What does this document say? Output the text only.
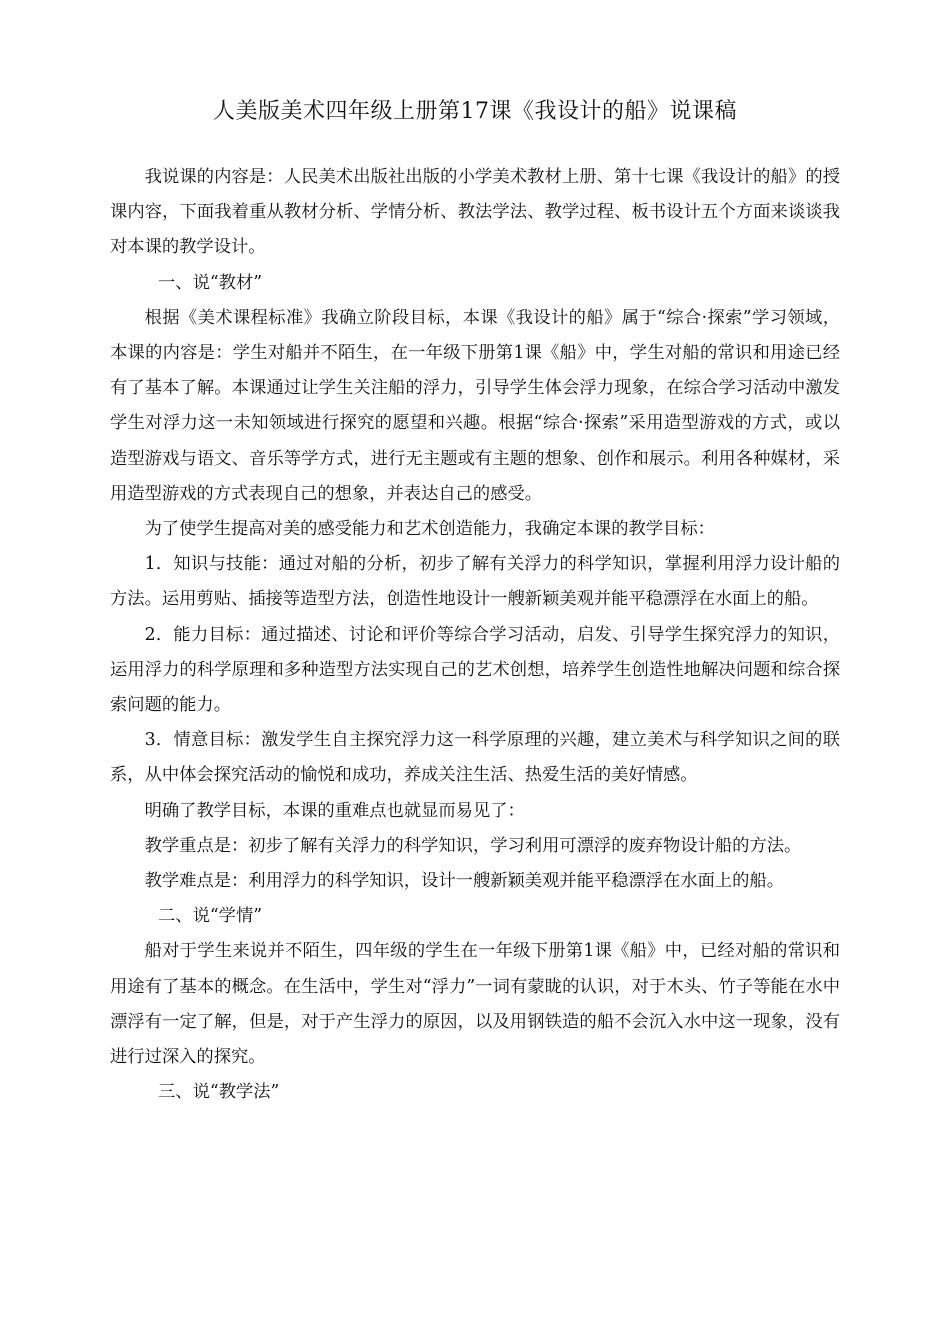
人美版美术四年级上册第17课《我设计的船》说课稿

我说课的内容是：人民美术出版社出版的小学美术教材上册、第十七课《我设计的船》的授课内容，下面我着重从教材分析、学情分析、教法学法、教学过程、板书设计五个方面来谈谈我对本课的教学设计。

一、说“教材”

根据《美术课程标准》我确立阶段目标，本课《我设计的船》属于“综合·探索”学习领域，本课的内容是：学生对船并不陌生，在一年级下册第1课《船》中，学生对船的常识和用途已经有了基本了解。本课通过让学生关注船的浮力，引导学生体会浮力现象，在综合学习活动中激发学生对浮力这一未知领域进行探究的愿望和兴趣。根据“综合·探索”采用造型游戏的方式，或以造型游戏与语文、音乐等学方式，进行无主题或有主题的想象、创作和展示。利用各种媒材，采用造型游戏的方式表现自己的想象，并表达自己的感受。

为了使学生提高对美的感受能力和艺术创造能力，我确定本课的教学目标：

1．知识与技能：通过对船的分析，初步了解有关浮力的科学知识，掌握利用浮力设计船的方法。运用剪贴、插接等造型方法，创造性地设计一艘新颖美观并能平稳漂浮在水面上的船。

2．能力目标：通过描述、讨论和评价等综合学习活动，启发、引导学生探究浮力的知识，运用浮力的科学原理和多种造型方法实现自己的艺术创想，培养学生创造性地解决问题和综合探索问题的能力。

3．情意目标：激发学生自主探究浮力这一科学原理的兴趣，建立美术与科学知识之间的联系，从中体会探究活动的愉悦和成功，养成关注生活、热爱生活的美好情感。

明确了教学目标，本课的重难点也就显而易见了：

教学重点是：初步了解有关浮力的科学知识，学习利用可漂浮的废弃物设计船的方法。

教学难点是：利用浮力的科学知识，设计一艘新颖美观并能平稳漂浮在水面上的船。

二、说“学情”

船对于学生来说并不陌生，四年级的学生在一年级下册第1课《船》中，已经对船的常识和用途有了基本的概念。在生活中，学生对“浮力”一词有蒙眬的认识，对于木头、竹子等能在水中漂浮有一定了解，但是，对于产生浮力的原因，以及用钢铁造的船不会沉入水中这一现象，没有进行过深入的探究。

三、说“教学法”
